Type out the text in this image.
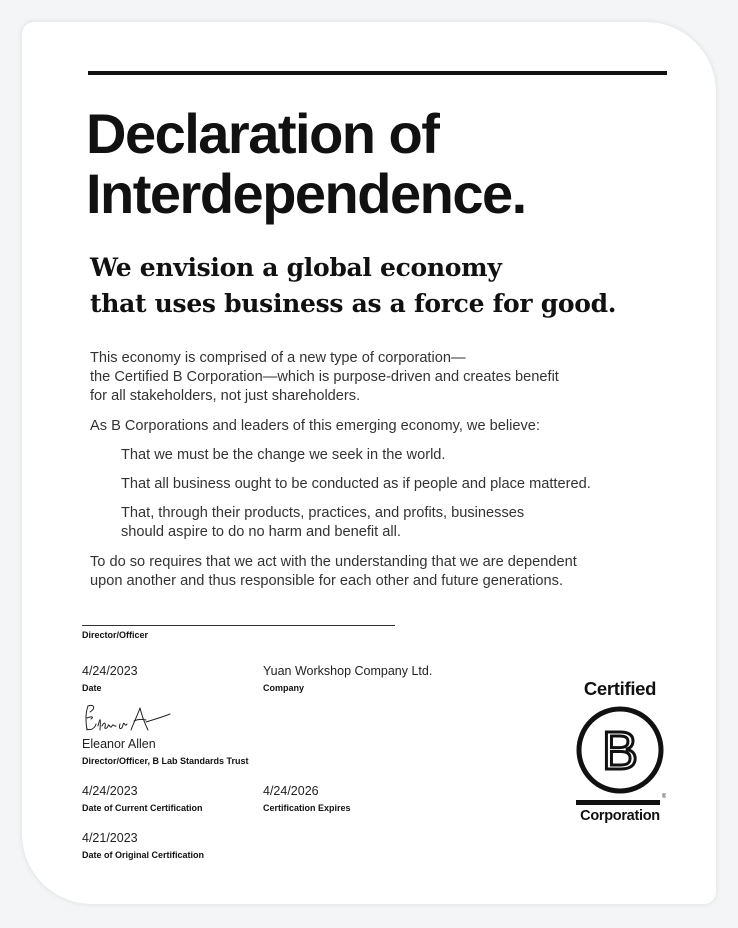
Declaration of
Interdependence.
We envision a global economy
that uses business as a force for good.

This economy is comprised of a new type of corporation—

the Certified B Corporation—which is purpose-driven and creates benefit

for all stakeholders, not just shareholders.

As B Corporations and leaders of this emerging economy, we believe:

That we must be the change we seek in the world.

That all business ought to be conducted as if people and place mattered.

That, through their products, practices, and profits, businesses

should aspire to do no harm and benefit all.

To do so requires that we act with the understanding that we are dependent

upon another and thus responsible for each other and future generations.

Director/Officer
4/24/2023
Date
Yuan Workshop Company Ltd.
Company
Eleanor Allen
Director/Officer, B Lab Standards Trust
4/24/2023
Date of Current Certification
4/24/2026
Certification Expires
4/21/2023
Date of Original Certification
Certified
B
®
Corporation
